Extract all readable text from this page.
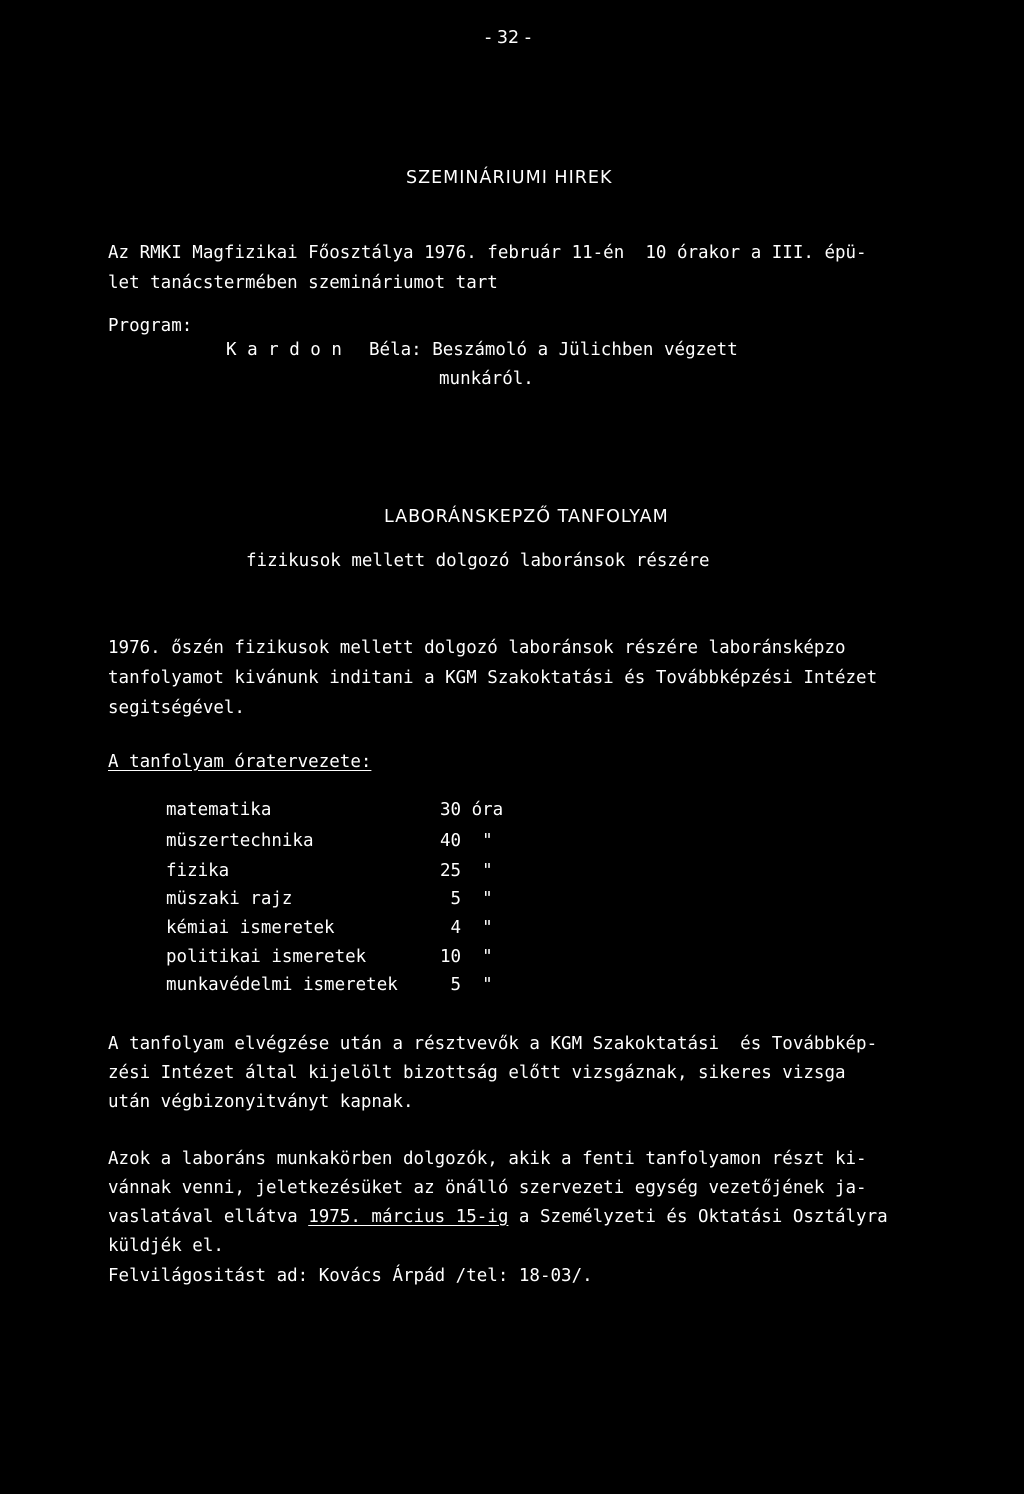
- 32 -
SZEMINÁRIUMI HIREK
Az RMKI Magfizikai Főosztálya 1976. február 11-én  10 órakor a III. épü-
let tanácstermében szemináriumot tart
Program:
K a r d o n Béla: Beszámoló a Jülichben végzett
munkáról.
LABORÁNSKEPZŐ TANFOLYAM
fizikusok mellett dolgozó laboránsok részére
1976. őszén fizikusok mellett dolgozó laboránsok részére laboránsképzo
tanfolyamot kivánunk inditani a KGM Szakoktatási és Továbbképzési Intézet
segitségével.
A tanfolyam óratervezete:
matematika	30 óra
müszertechnika	40  "
fizika	25  "
müszaki rajz	5  "
kémiai ismeretek	4  "
politikai ismeretek	10  "
munkavédelmi ismeretek 5  "
A tanfolyam elvégzése után a résztvevők a KGM Szakoktatási  és Továbbkép-
zési Intézet által kijelölt bizottság előtt vizsgáznak, sikeres vizsga
után végbizonyitványt kapnak.
Azok a laboráns munkakörben dolgozók, akik a fenti tanfolyamon részt ki-
vánnak venni, jeletkezésüket az önálló szervezeti egység vezetőjének ja-
vaslatával ellátva 1975. március 15-ig a Személyzeti és Oktatási Osztályra
küldjék el.
Felvilágositást ad: Kovács Árpád /tel: 18-03/.
